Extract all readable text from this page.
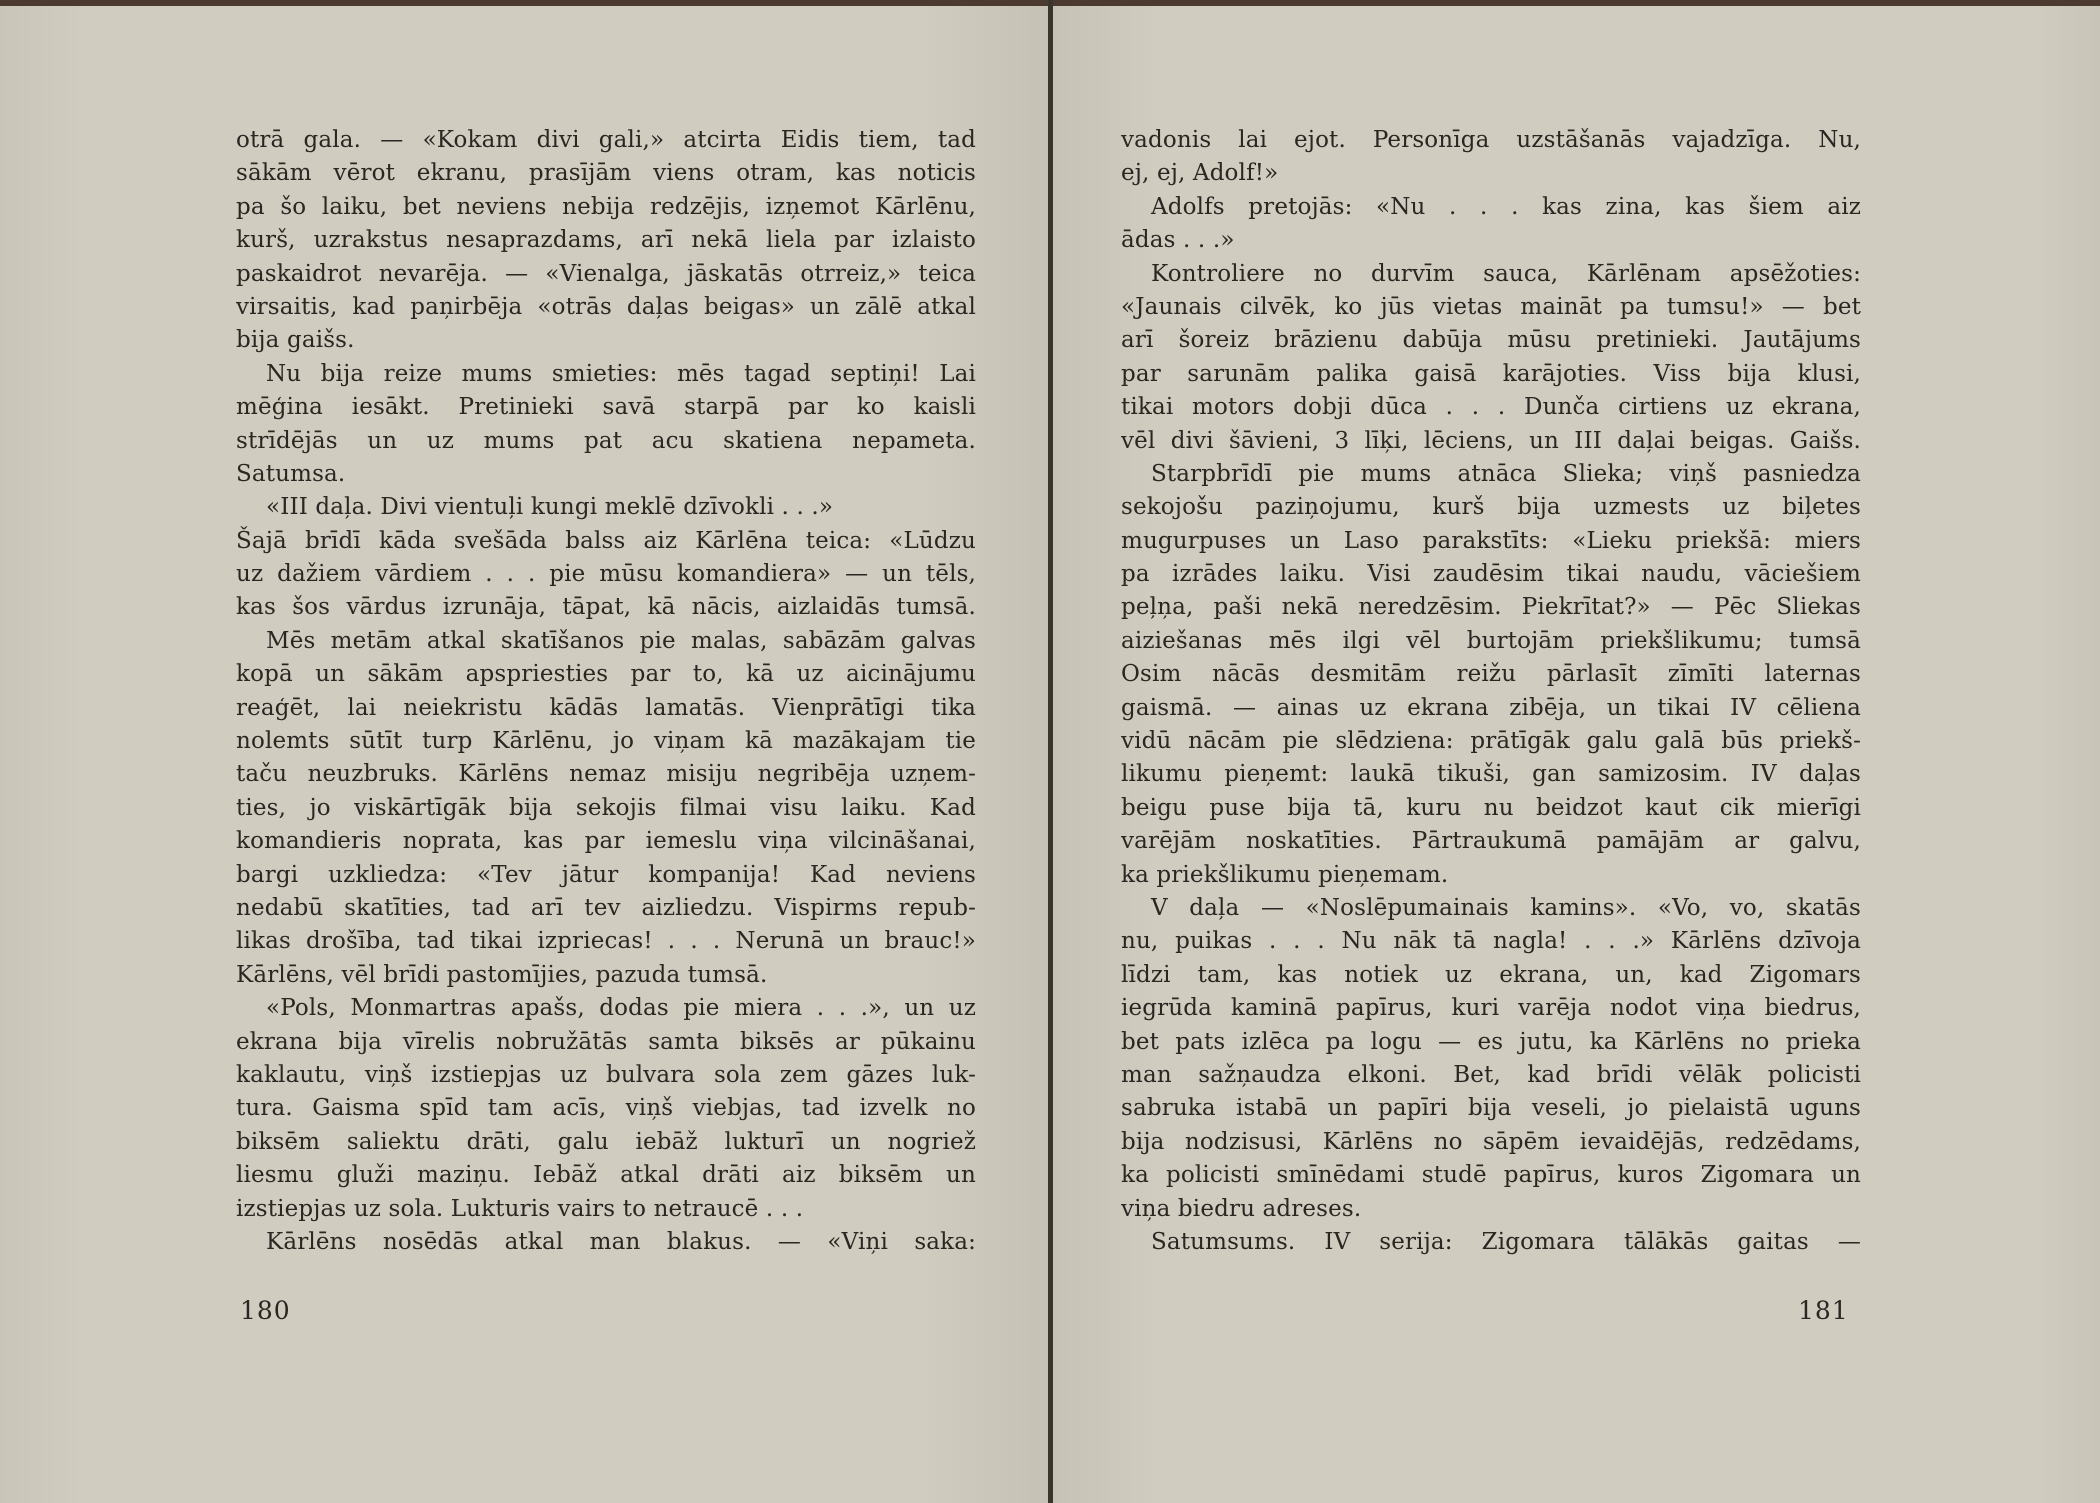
otrā gala. — «Kokam divi gali,» atcirta Eidis tiem, tad
sākām vērot ekranu, prasījām viens otram, kas noticis
pa šo laiku, bet neviens nebija redzējis, izņemot Kārlēnu,
kurš, uzrakstus nesaprazdams, arī nekā liela par izlaisto
paskaidrot nevarēja. — «Vienalga, jāskatās otrreiz,» teica
virsaitis, kad paņirbēja «otrās daļas beigas» un zālē atkal
bija gaišs.
Nu bija reize mums smieties: mēs tagad septiņi! Lai
mēģina iesākt. Pretinieki savā starpā par ko kaisli
strīdējās un uz mums pat acu skatiena nepameta.
Satumsa.
«III daļa. Divi vientuļi kungi meklē dzīvokli . . .»
Šajā brīdī kāda svešāda balss aiz Kārlēna teica: «Lūdzu
uz dažiem vārdiem . . . pie mūsu komandiera» — un tēls,
kas šos vārdus izrunāja, tāpat, kā nācis, aizlaidās tumsā.
Mēs metām atkal skatīšanos pie malas, sabāzām galvas
kopā un sākām apspriesties par to, kā uz aicinājumu
reaģēt, lai neiekristu kādās lamatās. Vienprātīgi tika
nolemts sūtīt turp Kārlēnu, jo viņam kā mazākajam tie
taču neuzbruks. Kārlēns nemaz misiju negribēja uzņem-
ties, jo viskārtīgāk bija sekojis filmai visu laiku. Kad
komandieris noprata, kas par iemeslu viņa vilcināšanai,
bargi uzkliedza: «Tev jātur kompanija! Kad neviens
nedabū skatīties, tad arī tev aizliedzu. Vispirms repub-
likas drošība, tad tikai izpriecas! . . . Nerunā un brauc!»
Kārlēns, vēl brīdi pastomījies, pazuda tumsā.
«Pols, Monmartras apašs, dodas pie miera . . .», un uz
ekrana bija vīrelis nobružātās samta biksēs ar pūkainu
kaklautu, viņš izstiepjas uz bulvara sola zem gāzes luk-
tura. Gaisma spīd tam acīs, viņš viebjas, tad izvelk no
biksēm saliektu drāti, galu iebāž lukturī un nogriež
liesmu gluži maziņu. Iebāž atkal drāti aiz biksēm un
izstiepjas uz sola. Lukturis vairs to netraucē . . .
Kārlēns nosēdās atkal man blakus. — «Viņi saka:
180
vadonis lai ejot. Personīga uzstāšanās vajadzīga. Nu,
ej, ej, Adolf!»
Adolfs pretojās: «Nu . . . kas zina, kas šiem aiz
ādas . . .»
Kontroliere no durvīm sauca, Kārlēnam apsēžoties:
«Jaunais cilvēk, ko jūs vietas maināt pa tumsu!» — bet
arī šoreiz brāzienu dabūja mūsu pretinieki. Jautājums
par sarunām palika gaisā karājoties. Viss bija klusi,
tikai motors dobji dūca . . . Dunča cirtiens uz ekrana,
vēl divi šāvieni, 3 līķi, lēciens, un III daļai beigas. Gaišs.
Starpbrīdī pie mums atnāca Slieka; viņš pasniedza
sekojošu paziņojumu, kurš bija uzmests uz biļetes
mugurpuses un Laso parakstīts: «Lieku priekšā: miers
pa izrādes laiku. Visi zaudēsim tikai naudu, vāciešiem
peļņa, paši nekā neredzēsim. Piekrītat?» — Pēc Sliekas
aiziešanas mēs ilgi vēl burtojām priekšlikumu; tumsā
Osim nācās desmitām reižu pārlasīt zīmīti laternas
gaismā. — ainas uz ekrana zibēja, un tikai IV cēliena
vidū nācām pie slēdziena: prātīgāk galu galā būs priekš-
likumu pieņemt: laukā tikuši, gan samizosim. IV daļas
beigu puse bija tā, kuru nu beidzot kaut cik mierīgi
varējām noskatīties. Pārtraukumā pamājām ar galvu,
ka priekšlikumu pieņemam.
V daļa — «Noslēpumainais kamins». «Vo, vo, skatās
nu, puikas . . . Nu nāk tā nagla! . . .» Kārlēns dzīvoja
līdzi tam, kas notiek uz ekrana, un, kad Zigomars
iegrūda kaminā papīrus, kuri varēja nodot viņa biedrus,
bet pats izlēca pa logu — es jutu, ka Kārlēns no prieka
man sažņaudza elkoni. Bet, kad brīdi vēlāk policisti
sabruka istabā un papīri bija veseli, jo pielaistā uguns
bija nodzisusi, Kārlēns no sāpēm ievaidējās, redzēdams,
ka policisti smīnēdami studē papīrus, kuros Zigomara un
viņa biedru adreses.
Satumsums. IV serija: Zigomara tālākās gaitas —
181
